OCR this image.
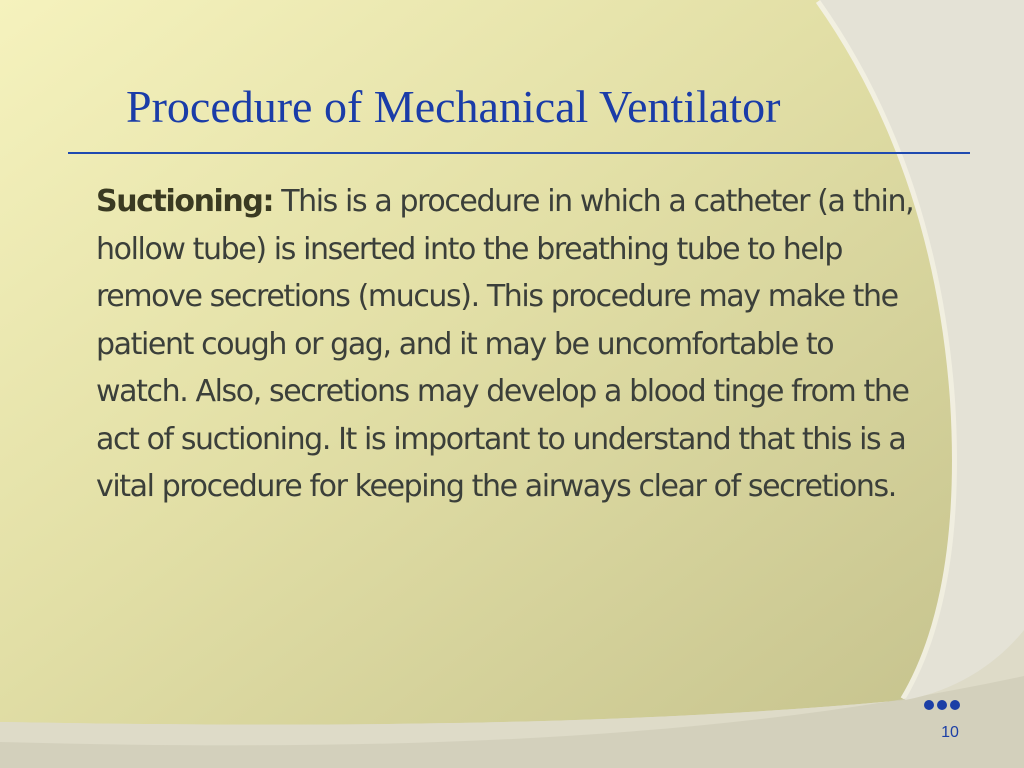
Procedure of Mechanical Ventilator

Suctioning: This is a procedure in which a catheter (a thin, hollow tube) is inserted into the breathing tube to help remove secretions (mucus). This procedure may make the patient cough or gag, and it may be uncomfortable to watch. Also, secretions may develop a blood tinge from the act of suctioning. It is important to understand that this is a vital procedure for keeping the airways clear of secretions.

10
